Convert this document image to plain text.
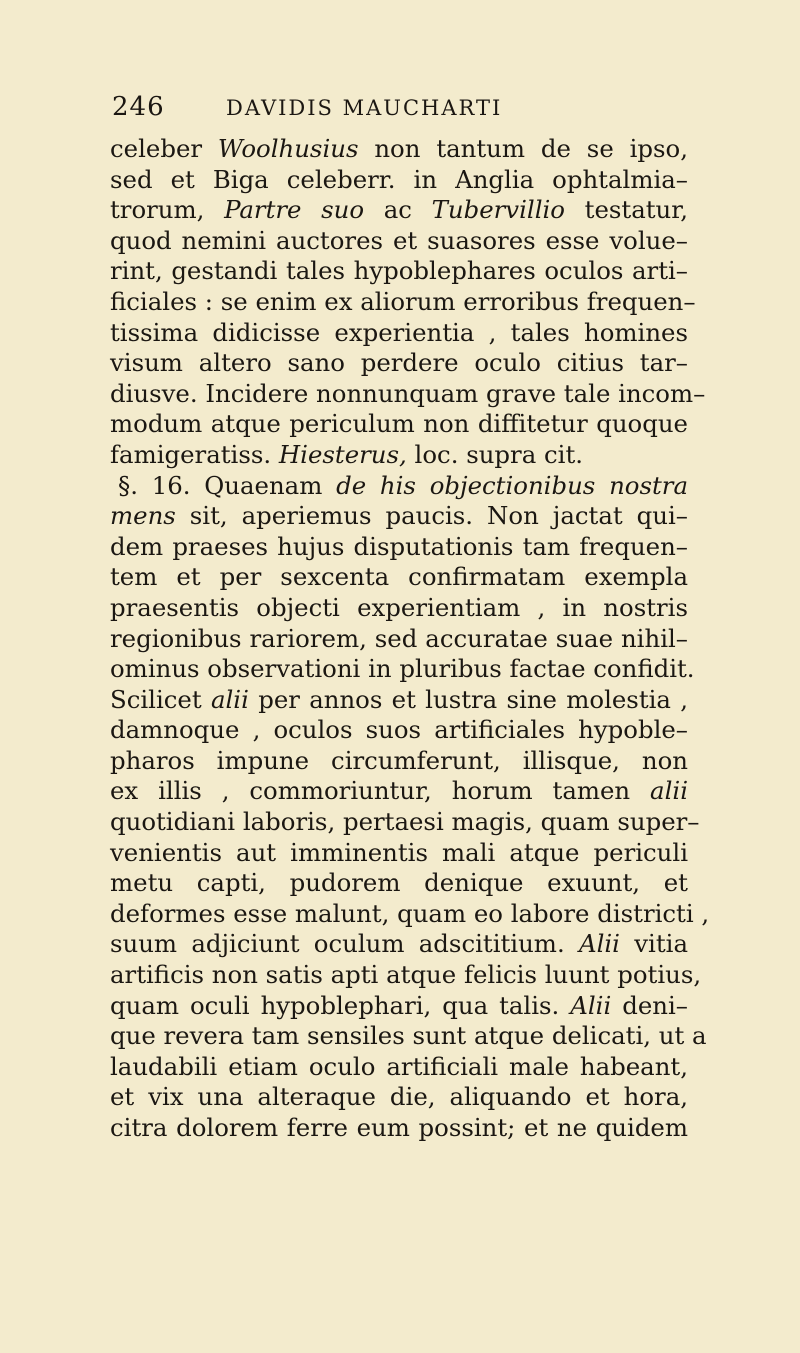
246	DAVIDIS MAUCHARTI
celeber Woolhusius non tantum de se ipso,
sed et Biga celeberr. in Anglia ophtalmia–
trorum, Partre suo ac Tubervillio testatur,
quod nemini auctores et suasores esse volue–
rint, gestandi tales hypoblephares oculos arti–
ficiales : se enim ex aliorum erroribus frequen–
tissima didicisse experientia , tales homines
visum altero sano perdere oculo citius tar–
diusve. Incidere nonnunquam grave tale incom–
modum atque periculum non diffitetur quoque
famigeratiss. Hiesterus, loc. supra cit.
§. 16. Quaenam de his objectionibus nostra
mens sit, aperiemus paucis. Non jactat qui–
dem praeses hujus disputationis tam frequen–
tem et per sexcenta confirmatam exempla
praesentis objecti experientiam , in nostris
regionibus rariorem, sed accuratae suae nihil–
ominus observationi in pluribus factae confidit.
Scilicet alii per annos et lustra sine molestia ,
damnoque , oculos suos artificiales hypoble–
pharos impune circumferunt, illisque, non
ex illis , commoriuntur, horum tamen alii
quotidiani laboris, pertaesi magis, quam super–
venientis aut imminentis mali atque periculi
metu capti, pudorem denique exuunt, et
deformes esse malunt, quam eo labore districti ,
suum adjiciunt oculum adscititium. Alii vitia
artificis non satis apti atque felicis luunt potius,
quam oculi hypoblephari, qua talis. Alii deni–
que revera tam sensiles sunt atque delicati, ut a
laudabili etiam oculo artificiali male habeant,
et vix una alteraque die, aliquando et hora,
citra dolorem ferre eum possint; et ne quidem
